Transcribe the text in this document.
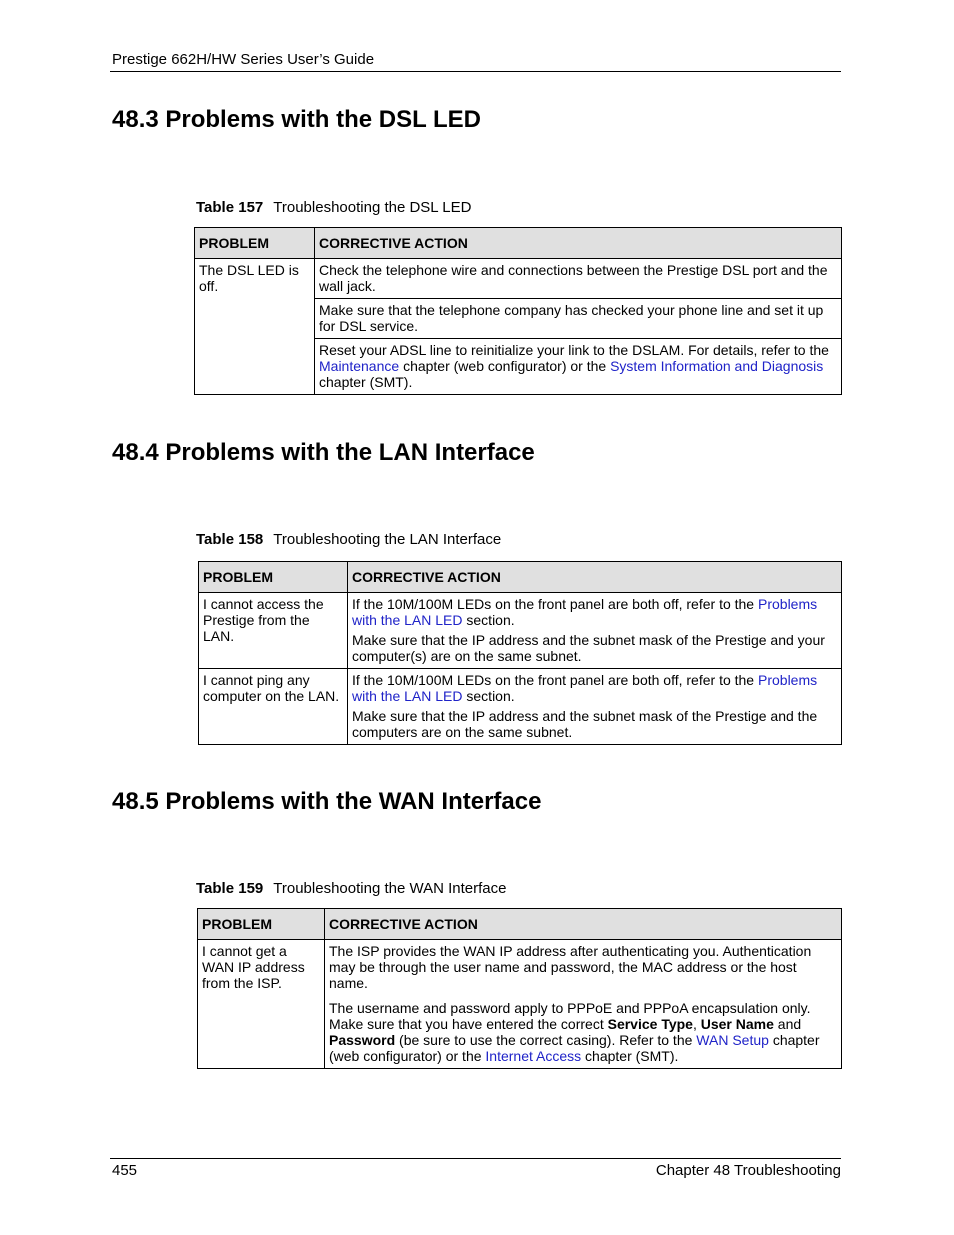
Prestige 662H/HW Series User’s Guide
48.3 Problems with the DSL LED
Table 157 Troubleshooting the DSL LED
PROBLEM	CORRECTIVE ACTION

The DSL LED is off.	Check the telephone wire and connections between the Prestige DSL port and the wall jack.

	Make sure that the telephone company has checked your phone line and set it up for DSL service.

	Reset your ADSL line to reinitialize your link to the DSLAM. For details, refer to the Maintenance chapter (web configurator) or the System Information and Diagnosis chapter (SMT).
48.4 Problems with the LAN Interface
Table 158 Troubleshooting the LAN Interface
PROBLEM	CORRECTIVE ACTION

I cannot access the Prestige from the LAN.	If the 10M/100M LEDs on the front panel are both off, refer to the Problems with the LAN LED section.
Make sure that the IP address and the subnet mask of the Prestige and your computer(s) are on the same subnet.

I cannot ping any computer on the LAN.	If the 10M/100M LEDs on the front panel are both off, refer to the Problems with the LAN LED section.
Make sure that the IP address and the subnet mask of the Prestige and the computers are on the same subnet.
48.5 Problems with the WAN Interface
Table 159 Troubleshooting the WAN Interface
PROBLEM	CORRECTIVE ACTION

I cannot get a WAN IP address from the ISP.	The ISP provides the WAN IP address after authenticating you. Authentication may be through the user name and password, the MAC address or the host name.
The username and password apply to PPPoE and PPPoA encapsulation only. Make sure that you have entered the correct Service Type, User Name and Password (be sure to use the correct casing). Refer to the WAN Setup chapter (web configurator) or the Internet Access chapter (SMT).
455	Chapter 48 Troubleshooting
